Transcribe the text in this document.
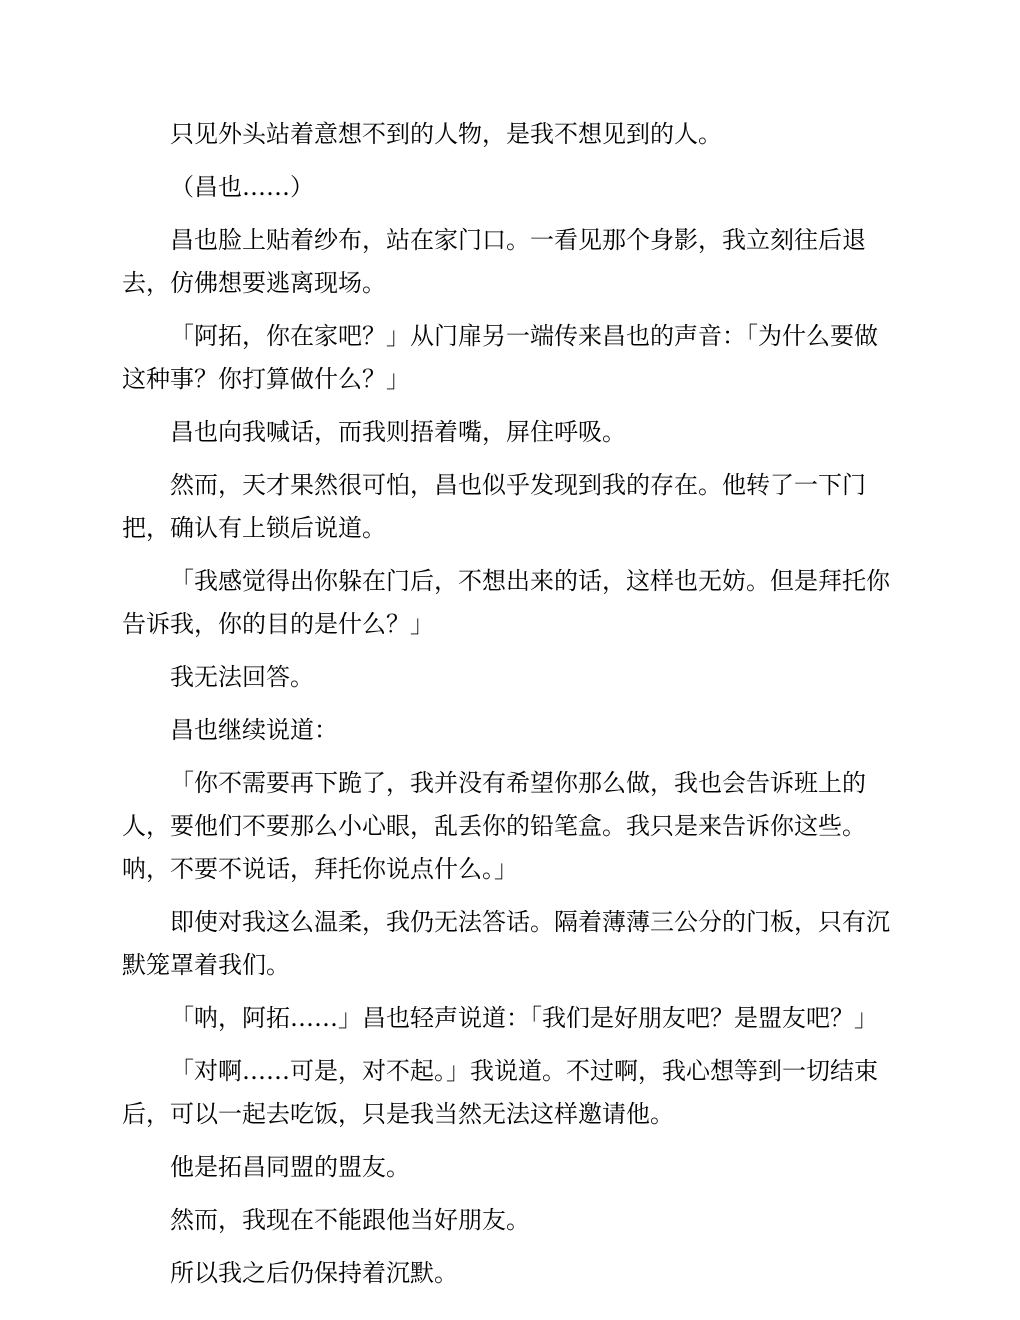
只见外头站着意想不到的人物，是我不想见到的人。

（昌也……）

昌也脸上贴着纱布，站在家门口。一看见那个身影，我立刻往后退去，仿佛想要逃离现场。

「阿拓，你在家吧？」从门扉另一端传来昌也的声音：「为什么要做这种事？你打算做什么？」

昌也向我喊话，而我则捂着嘴，屏住呼吸。

然而，天才果然很可怕，昌也似乎发现到我的存在。他转了一下门把，确认有上锁后说道。

「我感觉得出你躲在门后，不想出来的话，这样也无妨。但是拜托你告诉我，你的目的是什么？」

我无法回答。

昌也继续说道：

「你不需要再下跪了，我并没有希望你那么做，我也会告诉班上的人，要他们不要那么小心眼，乱丢你的铅笔盒。我只是来告诉你这些。呐，不要不说话，拜托你说点什么。」

即使对我这么温柔，我仍无法答话。隔着薄薄三公分的门板，只有沉默笼罩着我们。

「呐，阿拓……」昌也轻声说道：「我们是好朋友吧？是盟友吧？」

「对啊……可是，对不起。」我说道。不过啊，我心想等到一切结束后，可以一起去吃饭，只是我当然无法这样邀请他。

他是拓昌同盟的盟友。

然而，我现在不能跟他当好朋友。

所以我之后仍保持着沉默。
